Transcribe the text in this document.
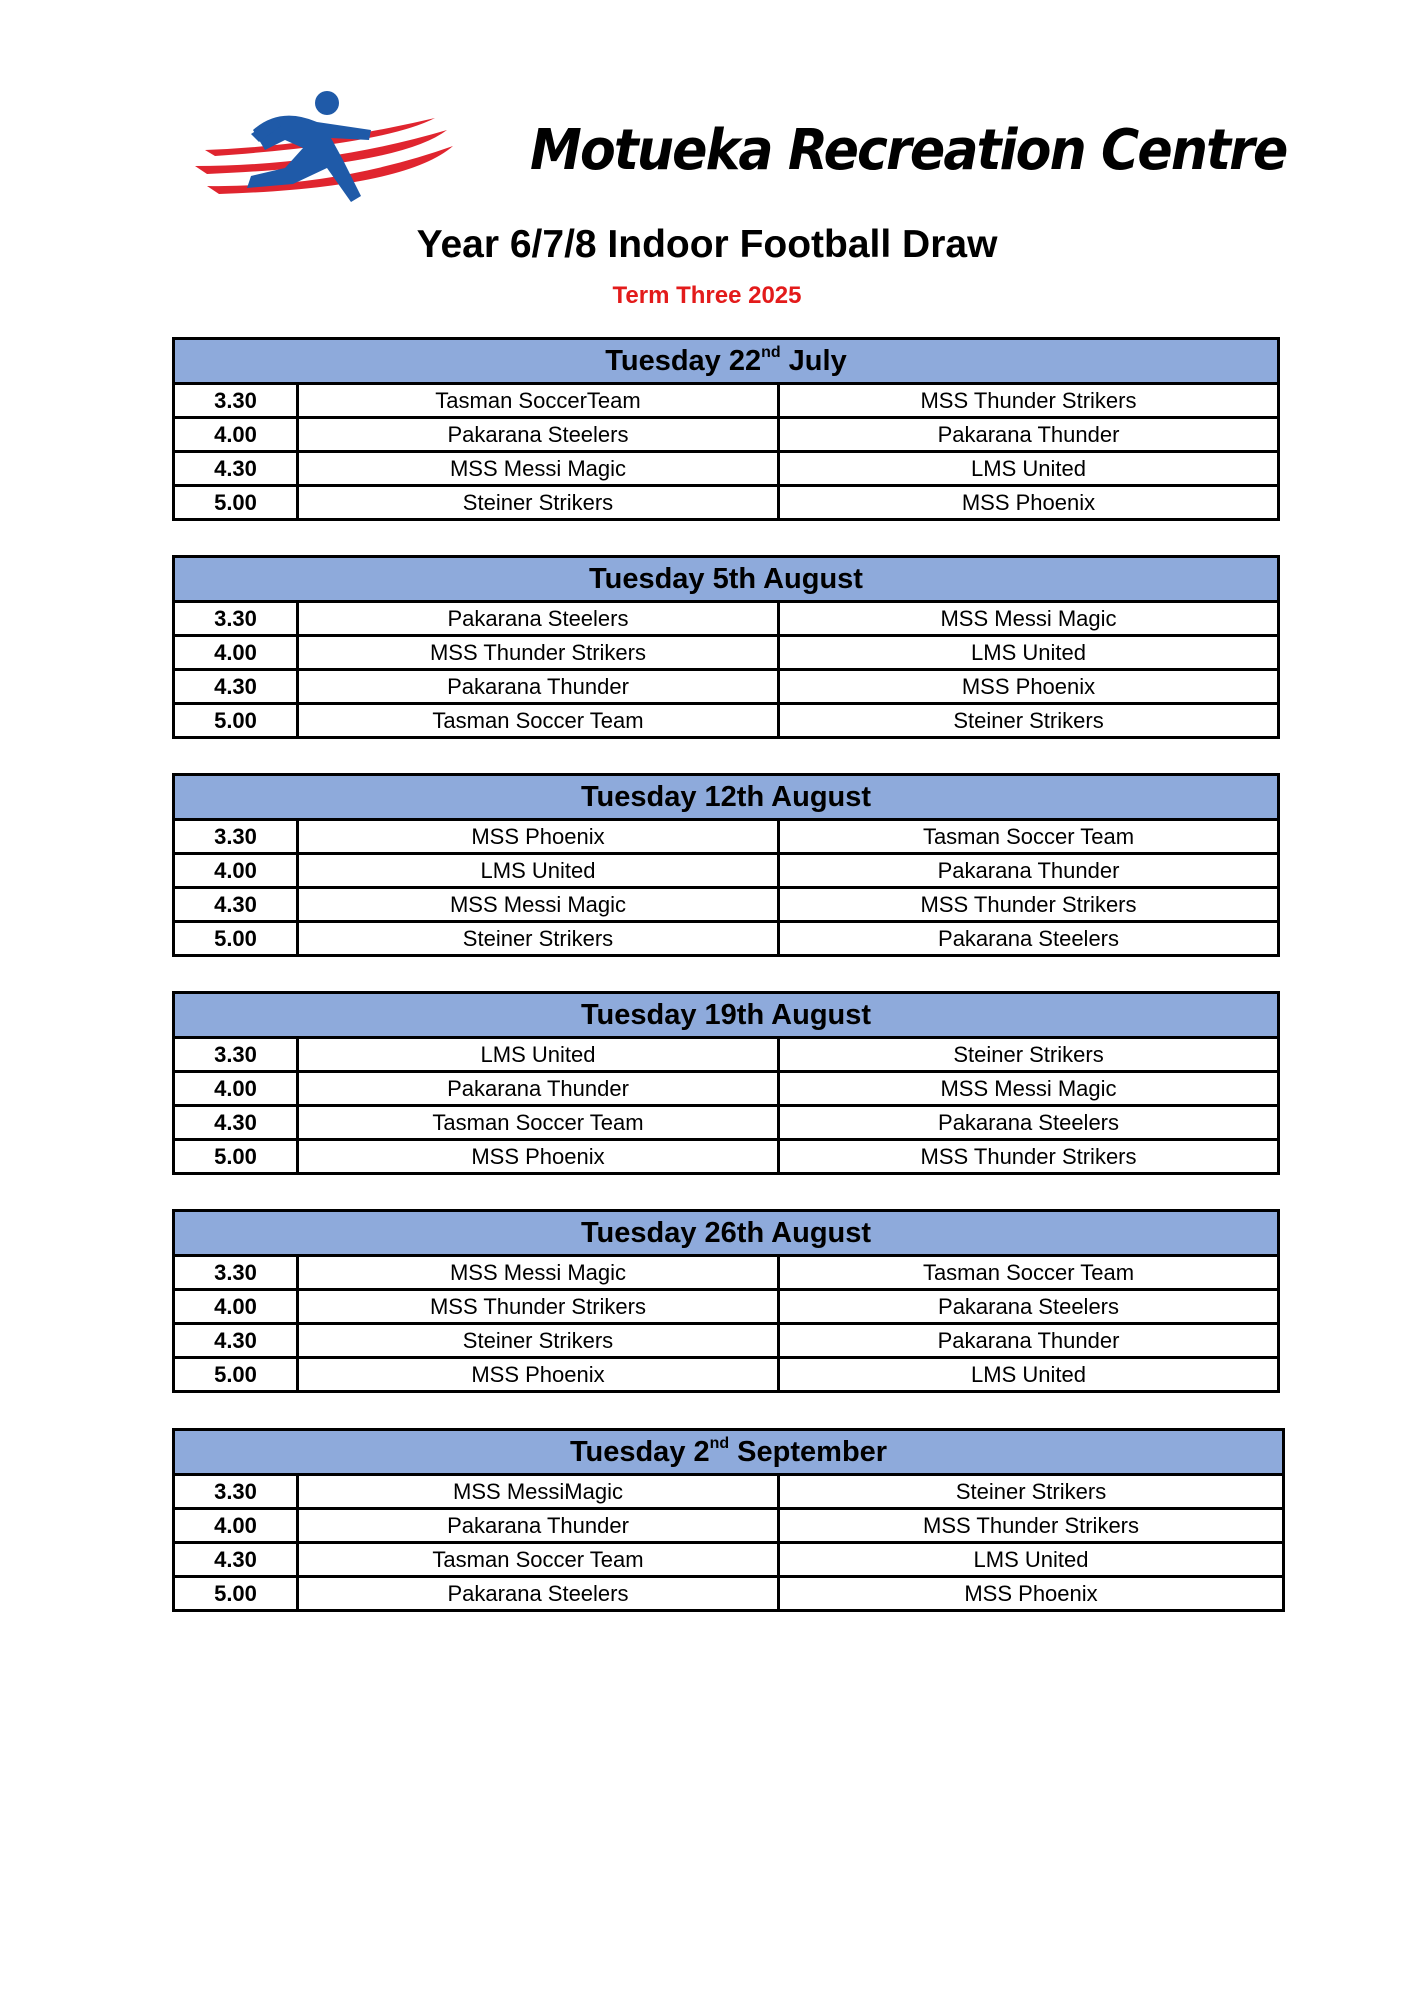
Motueka Recreation Centre
Year 6/7/8 Indoor Football Draw
Term Three 2025
Tuesday 22nd July		
3.30	Tasman SoccerTeam	MSS Thunder Strikers
4.00	Pakarana Steelers	Pakarana Thunder
4.30	MSS Messi Magic	LMS United
5.00	Steiner Strikers	MSS Phoenix
Tuesday 5th August		
3.30	Pakarana Steelers	MSS Messi Magic
4.00	MSS Thunder Strikers	LMS United
4.30	Pakarana Thunder	MSS Phoenix
5.00	Tasman Soccer Team	Steiner Strikers
Tuesday 12th August		
3.30	MSS Phoenix	Tasman Soccer Team
4.00	LMS United	Pakarana Thunder
4.30	MSS Messi Magic	MSS Thunder Strikers
5.00	Steiner Strikers	Pakarana Steelers
Tuesday 19th August		
3.30	LMS United	Steiner Strikers
4.00	Pakarana Thunder	MSS Messi Magic
4.30	Tasman Soccer Team	Pakarana Steelers
5.00	MSS Phoenix	MSS Thunder Strikers
Tuesday 26th August		
3.30	MSS Messi Magic	Tasman Soccer Team
4.00	MSS Thunder Strikers	Pakarana Steelers
4.30	Steiner Strikers	Pakarana Thunder
5.00	MSS Phoenix	LMS United
Tuesday 2nd September		
3.30	MSS MessiMagic	Steiner Strikers
4.00	Pakarana Thunder	MSS Thunder Strikers
4.30	Tasman Soccer Team	LMS United
5.00	Pakarana Steelers	MSS Phoenix
